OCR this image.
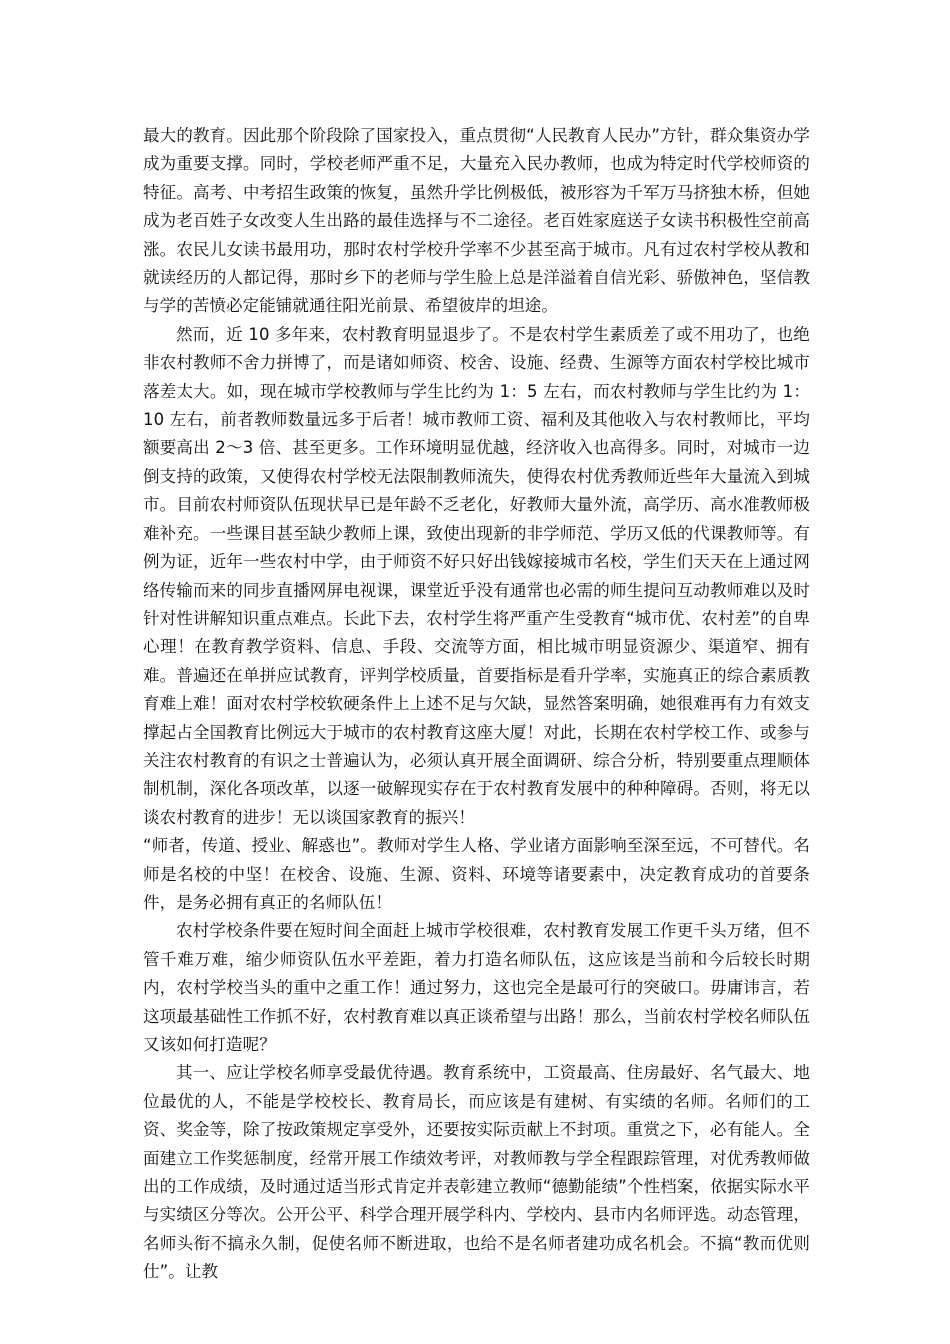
最大的教育。因此那个阶段除了国家投入，重点贯彻“人民教育人民办”方针，群众集资办学成为重要支撑。同时，学校老师严重不足，大量充入民办教师，也成为特定时代学校师资的特征。高考、中考招生政策的恢复，虽然升学比例极低，被形容为千军万马挤独木桥，但她成为老百姓子女改变人生出路的最佳选择与不二途径。老百姓家庭送子女读书积极性空前高涨。农民儿女读书最用功，那时农村学校升学率不少甚至高于城市。凡有过农村学校从教和就读经历的人都记得，那时乡下的老师与学生脸上总是洋溢着自信光彩、骄傲神色，坚信教与学的苦愤必定能铺就通往阳光前景、希望彼岸的坦途。

然而，近 10 多年来，农村教育明显退步了。不是农村学生素质差了或不用功了，也绝非农村教师不舍力拼博了，而是诸如师资、校舍、设施、经费、生源等方面农村学校比城市落差太大。如，现在城市学校教师与学生比约为 1：5 左右，而农村教师与学生比约为 1：10 左右，前者教师数量远多于后者！城市教师工资、福利及其他收入与农村教师比，平均额要高出 2～3 倍、甚至更多。工作环境明显优越，经济收入也高得多。同时，对城市一边倒支持的政策，又使得农村学校无法限制教师流失，使得农村优秀教师近些年大量流入到城市。目前农村师资队伍现状早已是年龄不乏老化，好教师大量外流，高学历、高水准教师极难补充。一些课目甚至缺少教师上课，致使出现新的非学师范、学历又低的代课教师等。有例为证，近年一些农村中学，由于师资不好只好出钱嫁接城市名校，学生们天天在上通过网络传输而来的同步直播网屏电视课，课堂近乎没有通常也必需的师生提问互动教师难以及时针对性讲解知识重点难点。长此下去，农村学生将严重产生受教育“城市优、农村差”的自卑心理！在教育教学资料、信息、手段、交流等方面，相比城市明显资源少、渠道窄、拥有难。普遍还在单拼应试教育，评判学校质量，首要指标是看升学率，实施真正的综合素质教育难上难！面对农村学校软硬条件上上述不足与欠缺，显然答案明确，她很难再有力有效支撑起占全国教育比例远大于城市的农村教育这座大厦！对此，长期在农村学校工作、或参与关注农村教育的有识之士普遍认为，必须认真开展全面调研、综合分析，特别要重点理顺体制机制，深化各项改革，以逐一破解现实存在于农村教育发展中的种种障碍。否则，将无以谈农村教育的进步！无以谈国家教育的振兴！

“师者，传道、授业、解惑也”。教师对学生人格、学业诸方面影响至深至远，不可替代。名师是名校的中坚！在校舍、设施、生源、资料、环境等诸要素中，决定教育成功的首要条件，是务必拥有真正的名师队伍！

农村学校条件要在短时间全面赶上城市学校很难，农村教育发展工作更千头万绪，但不管千难万难，缩少师资队伍水平差距，着力打造名师队伍，这应该是当前和今后较长时期内，农村学校当头的重中之重工作！通过努力，这也完全是最可行的突破口。毋庸讳言，若这项最基础性工作抓不好，农村教育难以真正谈希望与出路！那么，当前农村学校名师队伍又该如何打造呢？

其一、应让学校名师享受最优待遇。教育系统中，工资最高、住房最好、名气最大、地位最优的人，不能是学校校长、教育局长，而应该是有建树、有实绩的名师。名师们的工资、奖金等，除了按政策规定享受外，还要按实际贡献上不封项。重赏之下，必有能人。全面建立工作奖惩制度，经常开展工作绩效考评，对教师教与学全程跟踪管理，对优秀教师做出的工作成绩，及时通过适当形式肯定并表彰建立教师“德勤能绩”个性档案，依据实际水平与实绩区分等次。公开公平、科学合理开展学科内、学校内、县市内名师评选。动态管理，名师头衔不搞永久制，促使名师不断进取，也给不是名师者建功成名机会。不搞“教而优则仕”。让教
